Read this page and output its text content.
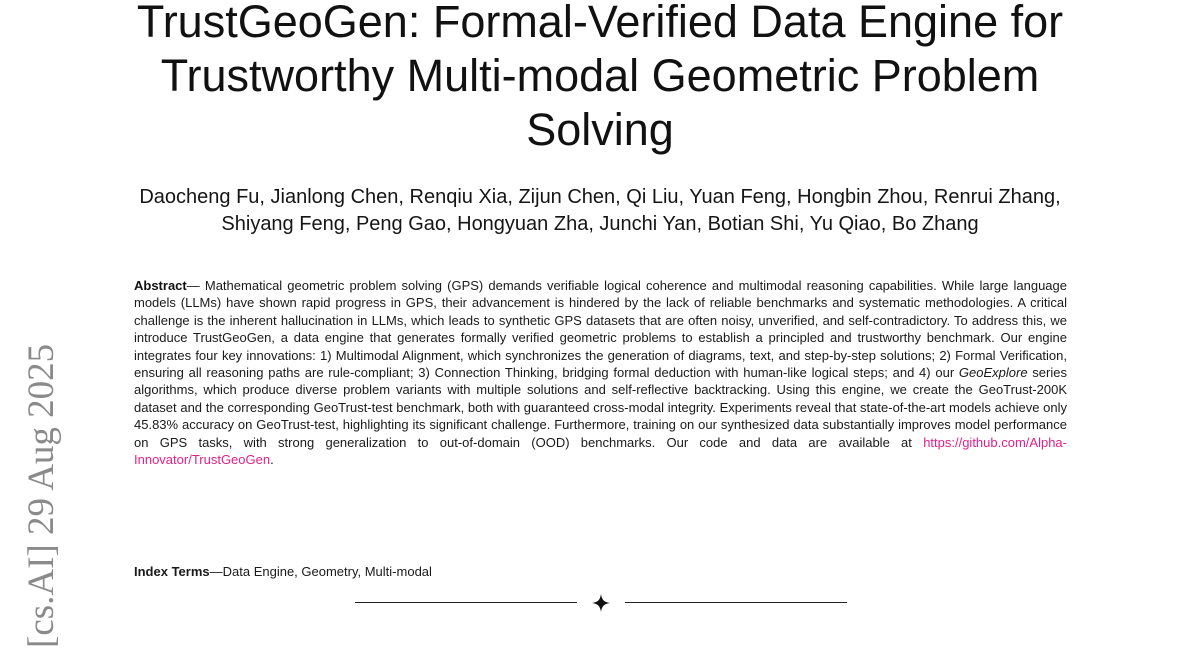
TrustGeoGen: Formal-Verified Data Engine for
Trustworthy Multi-modal Geometric Problem
Solving
Daocheng Fu, Jianlong Chen, Renqiu Xia, Zijun Chen, Qi Liu, Yuan Feng, Hongbin Zhou, Renrui Zhang,
Shiyang Feng, Peng Gao, Hongyuan Zha, Junchi Yan, Botian Shi, Yu Qiao, Bo Zhang

Abstract— Mathematical geometric problem solving (GPS) demands verifiable logical coherence and multimodal reasoning capabilities. While large language models (LLMs) have shown rapid progress in GPS, their advancement is hindered by the lack of reliable benchmarks and systematic methodologies. A critical challenge is the inherent hallucination in LLMs, which leads to synthetic GPS datasets that are often noisy, unverified, and self-contradictory. To address this, we introduce TrustGeoGen, a data engine that generates formally verified geometric problems to establish a principled and trustworthy benchmark. Our engine integrates four key innovations: 1) Multimodal Alignment, which synchronizes the generation of diagrams, text, and step-by-step solutions; 2) Formal Verification, ensuring all reasoning paths are rule-compliant; 3) Connection Thinking, bridging formal deduction with human-like logical steps; and 4) our GeoExplore series algorithms, which produce diverse problem variants with multiple solutions and self-reflective backtracking. Using this engine, we create the GeoTrust-200K dataset and the corresponding GeoTrust-test benchmark, both with guaranteed cross-modal integrity. Experiments reveal that state-of-the-art models achieve only 45.83% accuracy on GeoTrust-test, highlighting its significant challenge. Furthermore, training on our synthesized data substantially improves model performance on GPS tasks, with strong generalization to out-of-domain (OOD) benchmarks. Our code and data are available at https://github.com/Alpha-Innovator/TrustGeoGen.

Index Terms—Data Engine, Geometry, Multi-modal
[cs.AI] 29 Aug 2025
